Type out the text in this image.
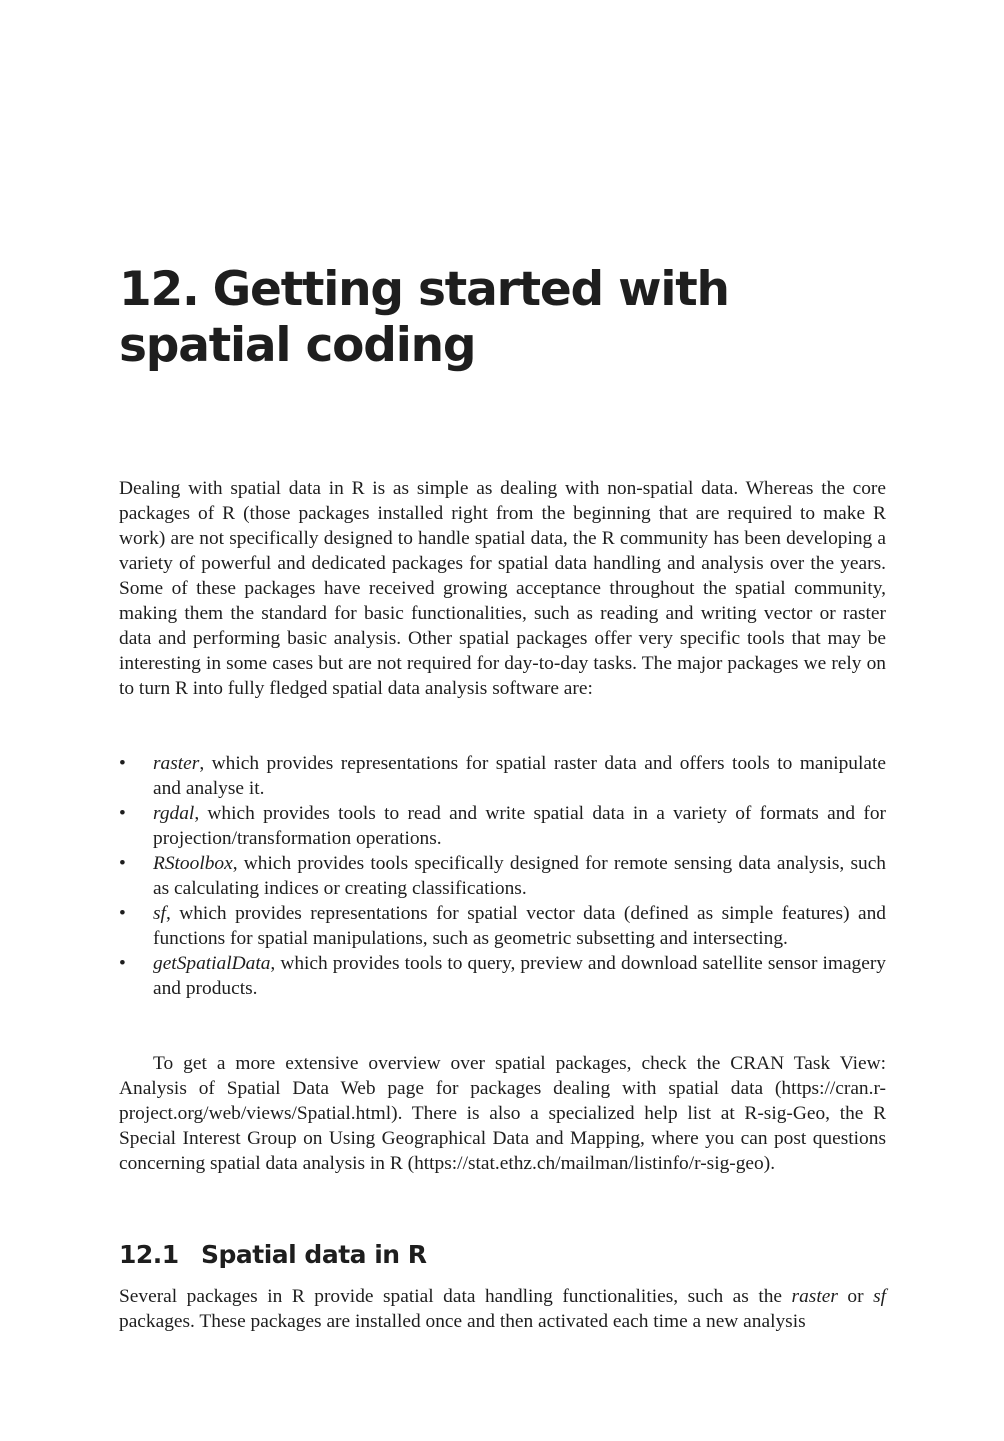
12. Getting started with spatial coding

Dealing with spatial data in R is as simple as dealing with non-spatial data. Whereas the core packages of R (those packages installed right from the beginning that are required to make R work) are not specifically designed to handle spatial data, the R community has been developing a variety of powerful and dedicated packages for spatial data handling and analysis over the years. Some of these packages have received growing acceptance throughout the spatial community, making them the standard for basic functionalities, such as reading and writing vector or raster data and performing basic analysis. Other spatial packages offer very specific tools that may be interesting in some cases but are not required for day-to-day tasks. The major packages we rely on to turn R into fully fledged spatial data analysis software are:

• raster, which provides representations for spatial raster data and offers tools to manipulate and analyse it.
• rgdal, which provides tools to read and write spatial data in a variety of formats and for projection/transformation operations.
• RStoolbox, which provides tools specifically designed for remote sensing data analysis, such as calculating indices or creating classifications.
• sf, which provides representations for spatial vector data (defined as simple features) and functions for spatial manipulations, such as geometric subsetting and intersecting.
• getSpatialData, which provides tools to query, preview and download satellite sensor imagery and products.

To get a more extensive overview over spatial packages, check the CRAN Task View: Analysis of Spatial Data Web page for packages dealing with spatial data (https://cran.r-project.org/web/views/Spatial.html). There is also a specialized help list at R-sig-Geo, the R Special Interest Group on Using Geographical Data and Mapping, where you can post questions concerning spatial data analysis in R (https://stat.ethz.ch/mailman/listinfo/r-sig-geo).

12.1 Spatial data in R

Several packages in R provide spatial data handling functionalities, such as the raster or sf packages. These packages are installed once and then activated each time a new analysis
